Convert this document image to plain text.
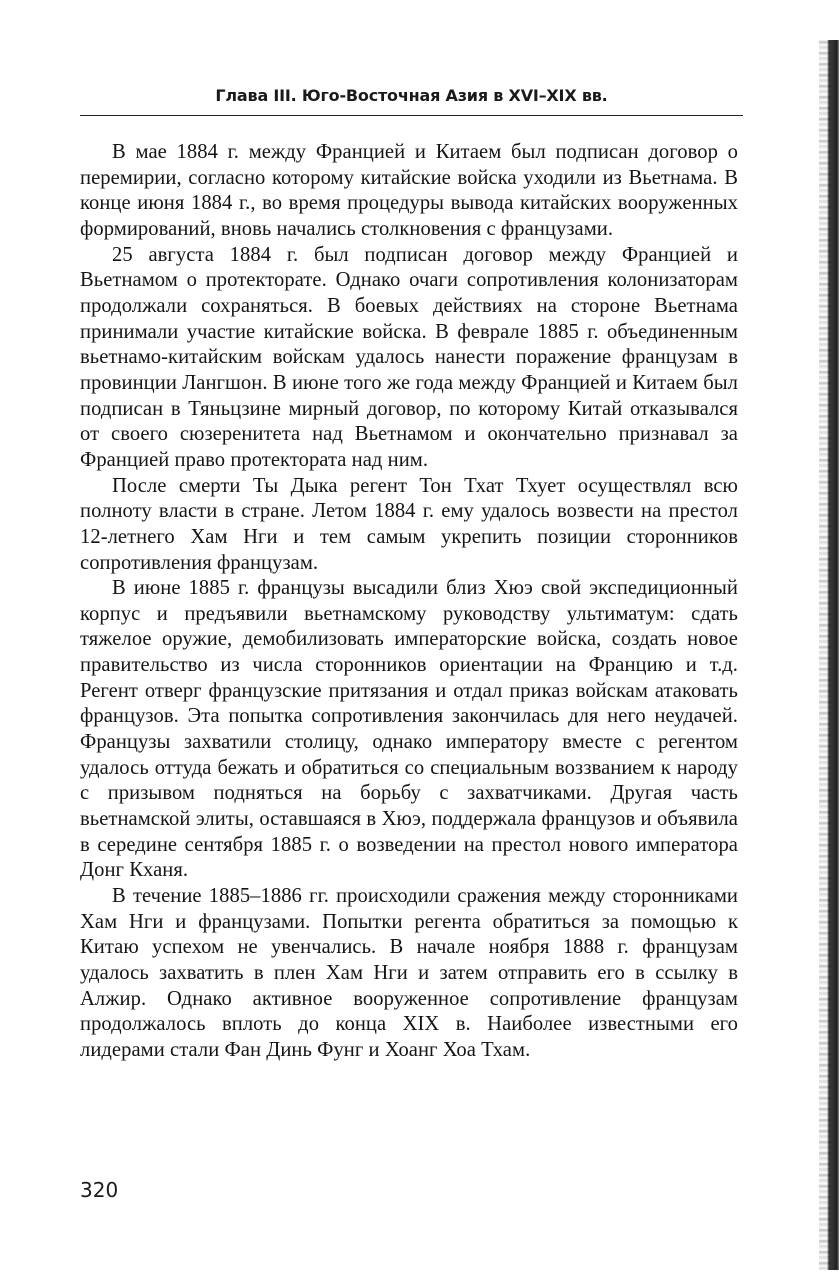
Глава III. Юго-Восточная Азия в XVI–XIX вв.

В мае 1884 г. между Францией и Китаем был подписан договор о перемирии, согласно которому китайские войска уходили из Вьетнама. В конце июня 1884 г., во время процедуры вывода китайских вооруженных формирований, вновь начались столкновения с французами.

25 августа 1884 г. был подписан договор между Францией и Вьетнамом о протекторате. Однако очаги сопротивления колонизаторам продолжали сохраняться. В боевых действиях на стороне Вьетнама принимали участие китайские войска. В феврале 1885 г. объединенным вьетнамо-китайским войскам удалось нанести поражение французам в провинции Лангшон. В июне того же года между Францией и Китаем был подписан в Тяньцзине мирный договор, по которому Китай отказывался от своего сюзеренитета над Вьетнамом и окончательно признавал за Францией право протектората над ним.

После смерти Ты Дыка регент Тон Тхат Тхует осуществлял всю полноту власти в стране. Летом 1884 г. ему удалось возвести на престол 12-летнего Хам Нги и тем самым укрепить позиции сторонников сопротивления французам.

В июне 1885 г. французы высадили близ Хюэ свой экспедиционный корпус и предъявили вьетнамскому руководству ультиматум: сдать тяжелое оружие, демобилизовать императорские войска, создать новое правительство из числа сторонников ориентации на Францию и т.д. Регент отверг французские притязания и отдал приказ войскам атаковать французов. Эта попытка сопротивления закончилась для него неудачей. Французы захватили столицу, однако императору вместе с регентом удалось оттуда бежать и обратиться со специальным воззванием к народу с призывом подняться на борьбу с захватчиками. Другая часть вьетнамской элиты, оставшаяся в Хюэ, поддержала французов и объявила в середине сентября 1885 г. о возведении на престол нового императора Донг Кханя.

В течение 1885–1886 гг. происходили сражения между сторонниками Хам Нги и французами. Попытки регента обратиться за помощью к Китаю успехом не увенчались. В начале ноября 1888 г. французам удалось захватить в плен Хам Нги и затем отправить его в ссылку в Алжир. Однако активное вооруженное сопротивление французам продолжалось вплоть до конца XIX в. Наиболее известными его лидерами стали Фан Динь Фунг и Хоанг Хоа Тхам.

320
